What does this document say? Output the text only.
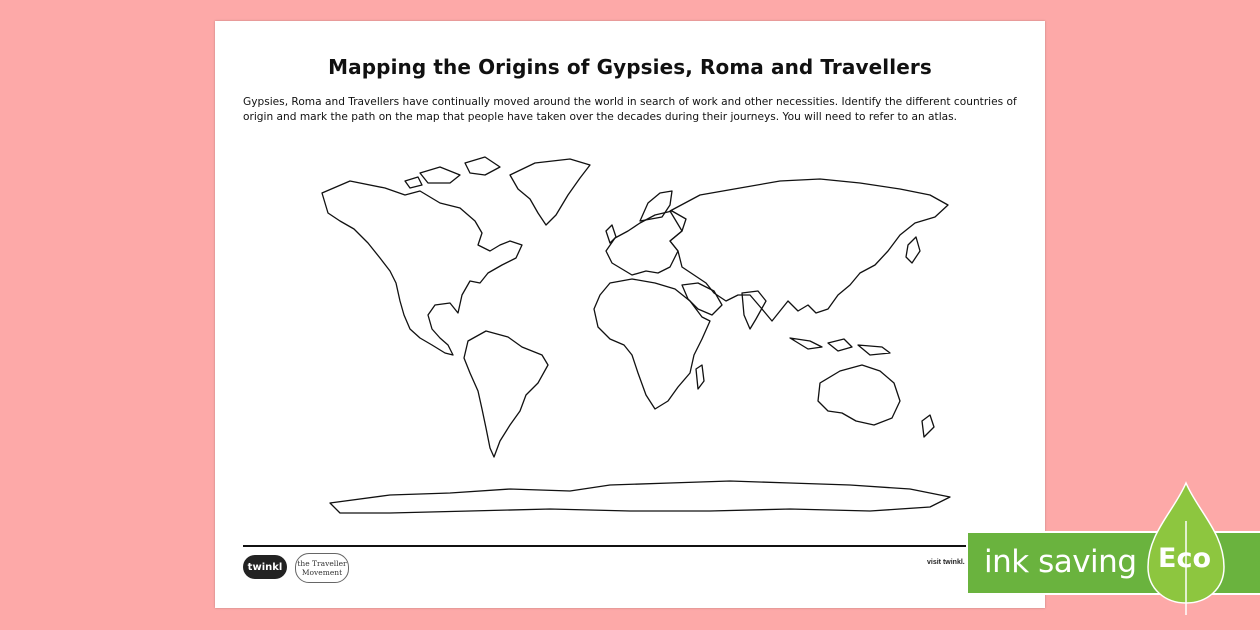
Mapping the Origins of Gypsies, Roma and Travellers
Gypsies, Roma and Travellers have continually moved around the world in search of work and other necessities. Identify the different countries of origin and mark the path on the map that people have taken over the decades during their journeys. You will need to refer to an atlas.
twinkl	the Traveller Movement
visit twinkl. ink saving Eco
